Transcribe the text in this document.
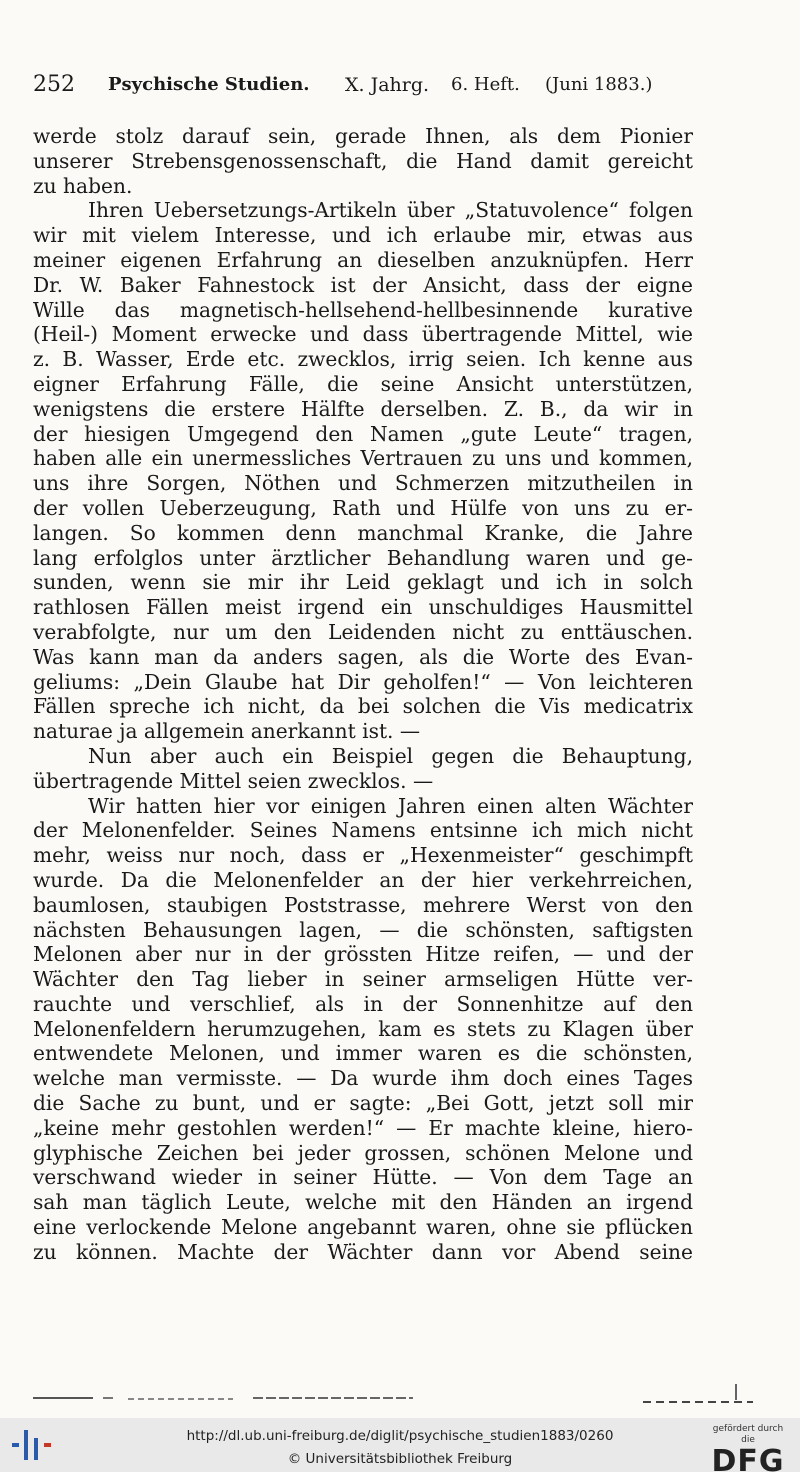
252 Psychische Studien. X. Jahrg. 6. Heft. (Juni 1883.)
werde stolz darauf sein, gerade Ihnen, als dem Pionier
unserer Strebensgenossenschaft, die Hand damit gereicht
zu haben.
Ihren Uebersetzungs-Artikeln über „Statuvolence“ folgen
wir mit vielem Interesse, und ich erlaube mir, etwas aus
meiner eigenen Erfahrung an dieselben anzuknüpfen. Herr
Dr. W. Baker Fahnestock ist der Ansicht, dass der eigne
Wille das magnetisch-hellsehend-hellbesinnende kurative
(Heil-) Moment erwecke und dass übertragende Mittel, wie
z. B. Wasser, Erde etc. zwecklos, irrig seien. Ich kenne aus
eigner Erfahrung Fälle, die seine Ansicht unterstützen,
wenigstens die erstere Hälfte derselben. Z. B., da wir in
der hiesigen Umgegend den Namen „gute Leute“ tragen,
haben alle ein unermessliches Vertrauen zu uns und kommen,
uns ihre Sorgen, Nöthen und Schmerzen mitzutheilen in
der vollen Ueberzeugung, Rath und Hülfe von uns zu er-
langen. So kommen denn manchmal Kranke, die Jahre
lang erfolglos unter ärztlicher Behandlung waren und ge-
sunden, wenn sie mir ihr Leid geklagt und ich in solch
rathlosen Fällen meist irgend ein unschuldiges Hausmittel
verabfolgte, nur um den Leidenden nicht zu enttäuschen.
Was kann man da anders sagen, als die Worte des Evan-
geliums: „Dein Glaube hat Dir geholfen!“ — Von leichteren
Fällen spreche ich nicht, da bei solchen die Vis medicatrix
naturae ja allgemein anerkannt ist. —
Nun aber auch ein Beispiel gegen die Behauptung,
übertragende Mittel seien zwecklos. —
Wir hatten hier vor einigen Jahren einen alten Wächter
der Melonenfelder. Seines Namens entsinne ich mich nicht
mehr, weiss nur noch, dass er „Hexenmeister“ geschimpft
wurde. Da die Melonenfelder an der hier verkehrreichen,
baumlosen, staubigen Poststrasse, mehrere Werst von den
nächsten Behausungen lagen, — die schönsten, saftigsten
Melonen aber nur in der grössten Hitze reifen, — und der
Wächter den Tag lieber in seiner armseligen Hütte ver-
rauchte und verschlief, als in der Sonnenhitze auf den
Melonenfeldern herumzugehen, kam es stets zu Klagen über
entwendete Melonen, und immer waren es die schönsten,
welche man vermisste. — Da wurde ihm doch eines Tages
die Sache zu bunt, und er sagte: „Bei Gott, jetzt soll mir
„keine mehr gestohlen werden!“ — Er machte kleine, hiero-
glyphische Zeichen bei jeder grossen, schönen Melone und
verschwand wieder in seiner Hütte. — Von dem Tage an
sah man täglich Leute, welche mit den Händen an irgend
eine verlockende Melone angebannt waren, ohne sie pflücken
zu können. Machte der Wächter dann vor Abend seine
http://dl.ub.uni-freiburg.de/diglit/psychische_studien1883/0260
© Universitätsbibliothek Freiburg
gefördert durch die
DFG
